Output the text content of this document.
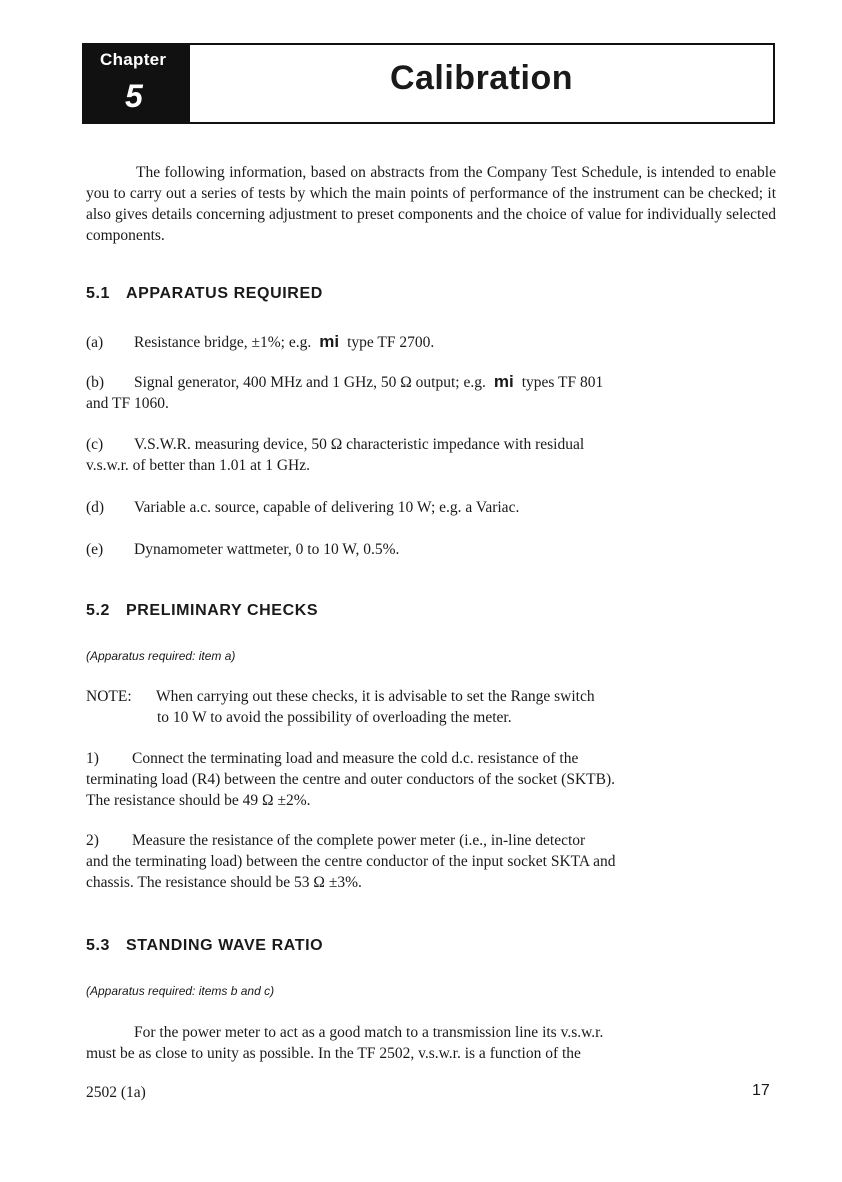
Chapter
5	Calibration

The following information, based on abstracts from the Company Test Schedule, is intended to enable you to carry out a series of tests by which the main points of performance of the instrument can be checked; it also gives details concerning adjustment to preset components and the choice of value for individually selected components.

5.1 APPARATUS REQUIRED

(a) Resistance bridge, ±1%; e.g. mi type TF 2700.

(b) Signal generator, 400 MHz and 1 GHz, 50 Ω output; e.g. mi types TF 801
and TF 1060.

(c) V.S.W.R. measuring device, 50 Ω characteristic impedance with residual
v.s.w.r. of better than 1.01 at 1 GHz.

(d) Variable a.c. source, capable of delivering 10 W; e.g. a Variac.

(e) Dynamometer wattmeter, 0 to 10 W, 0.5%.

5.2 PRELIMINARY CHECKS

(Apparatus required: item a)

NOTE: When carrying out these checks, it is advisable to set the Range switch

to 10 W to avoid the possibility of overloading the meter.

1) Connect the terminating load and measure the cold d.c. resistance of the
terminating load (R4) between the centre and outer conductors of the socket (SKTB).
The resistance should be 49 Ω ±2%.

2) Measure the resistance of the complete power meter (i.e., in-line detector
and the terminating load) between the centre conductor of the input socket SKTA and
chassis. The resistance should be 53 Ω ±3%.

5.3 STANDING WAVE RATIO

(Apparatus required: items b and c)

For the power meter to act as a good match to a transmission line its v.s.w.r.
must be as close to unity as possible. In the TF 2502, v.s.w.r. is a function of the

2502 (1a)	17
